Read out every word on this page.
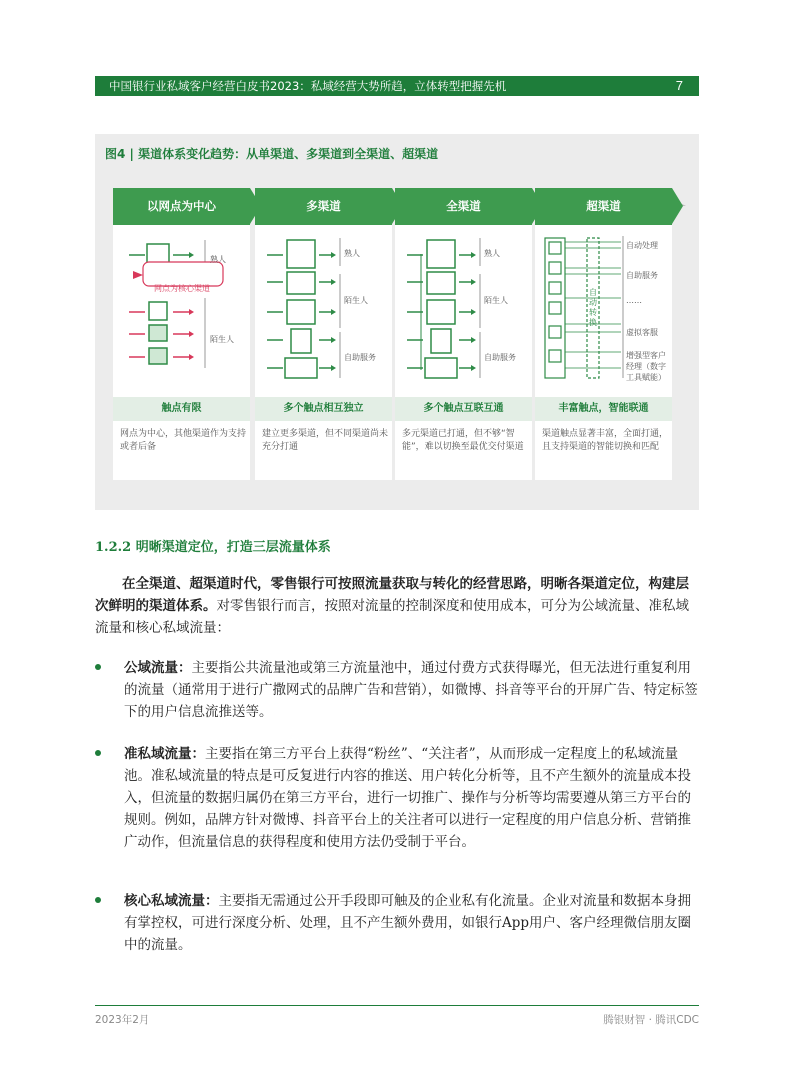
中国银行业私域客户经营白皮书2023：私域经营大势所趋，立体转型把握先机	7
图4 | 渠道体系变化趋势：从单渠道、多渠道到全渠道、超渠道
以网点为中心
熟人
网点为核心渠道
陌生人
触点有限
网点为中心，其他渠道作为支持或者后备
多渠道
熟人
陌生人
自助服务
多个触点相互独立
建立更多渠道，但不同渠道尚未充分打通
全渠道
熟人
陌生人
自助服务
多个触点互联互通
多元渠道已打通，但不够“智能”，难以切换至最优交付渠道
超渠道
自动转换
自动处理
自助服务
……
虚拟客服
增强型客户经理（数字工具赋能）
丰富触点，智能联通
渠道触点显著丰富，全面打通，且支持渠道的智能切换和匹配
1.2.2 明晰渠道定位，打造三层流量体系
在全渠道、超渠道时代，零售银行可按照流量获取与转化的经营思路，明晰各渠道定位，构建层次鲜明的渠道体系。对零售银行而言，按照对流量的控制深度和使用成本，可分为公域流量、准私域流量和核心私域流量：
公域流量：主要指公共流量池或第三方流量池中，通过付费方式获得曝光，但无法进行重复利用的流量（通常用于进行广撒网式的品牌广告和营销），如微博、抖音等平台的开屏广告、特定标签下的用户信息流推送等。
准私域流量：主要指在第三方平台上获得“粉丝”、“关注者”，从而形成一定程度上的私域流量池。准私域流量的特点是可反复进行内容的推送、用户转化分析等，且不产生额外的流量成本投入，但流量的数据归属仍在第三方平台，进行一切推广、操作与分析等均需要遵从第三方平台的规则。例如，品牌方针对微博、抖音平台上的关注者可以进行一定程度的用户信息分析、营销推广动作，但流量信息的获得程度和使用方法仍受制于平台。
核心私域流量：主要指无需通过公开手段即可触及的企业私有化流量。企业对流量和数据本身拥有掌控权，可进行深度分析、处理，且不产生额外费用，如银行App用户、客户经理微信朋友圈中的流量。
2023年2月	腾银财智 · 腾讯CDC
